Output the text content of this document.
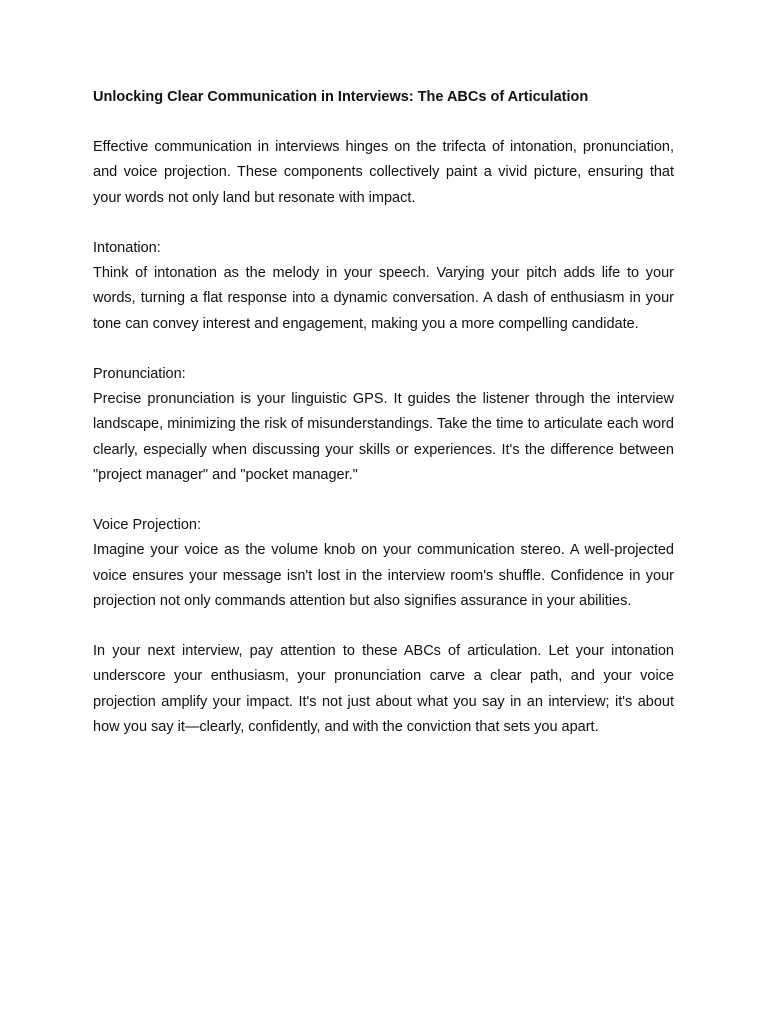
Unlocking Clear Communication in Interviews: The ABCs of Articulation

Effective communication in interviews hinges on the trifecta of intonation, pronunciation, and voice projection. These components collectively paint a vivid picture, ensuring that your words not only land but resonate with impact.

Intonation:

Think of intonation as the melody in your speech. Varying your pitch adds life to your words, turning a flat response into a dynamic conversation. A dash of enthusiasm in your tone can convey interest and engagement, making you a more compelling candidate.

Pronunciation:

Precise pronunciation is your linguistic GPS. It guides the listener through the interview landscape, minimizing the risk of misunderstandings. Take the time to articulate each word clearly, especially when discussing your skills or experiences. It's the difference between "project manager" and "pocket manager."

Voice Projection:

Imagine your voice as the volume knob on your communication stereo. A well-projected voice ensures your message isn't lost in the interview room's shuffle. Confidence in your projection not only commands attention but also signifies assurance in your abilities.

In your next interview, pay attention to these ABCs of articulation. Let your intonation underscore your enthusiasm, your pronunciation carve a clear path, and your voice projection amplify your impact. It's not just about what you say in an interview; it's about how you say it—clearly, confidently, and with the conviction that sets you apart.
